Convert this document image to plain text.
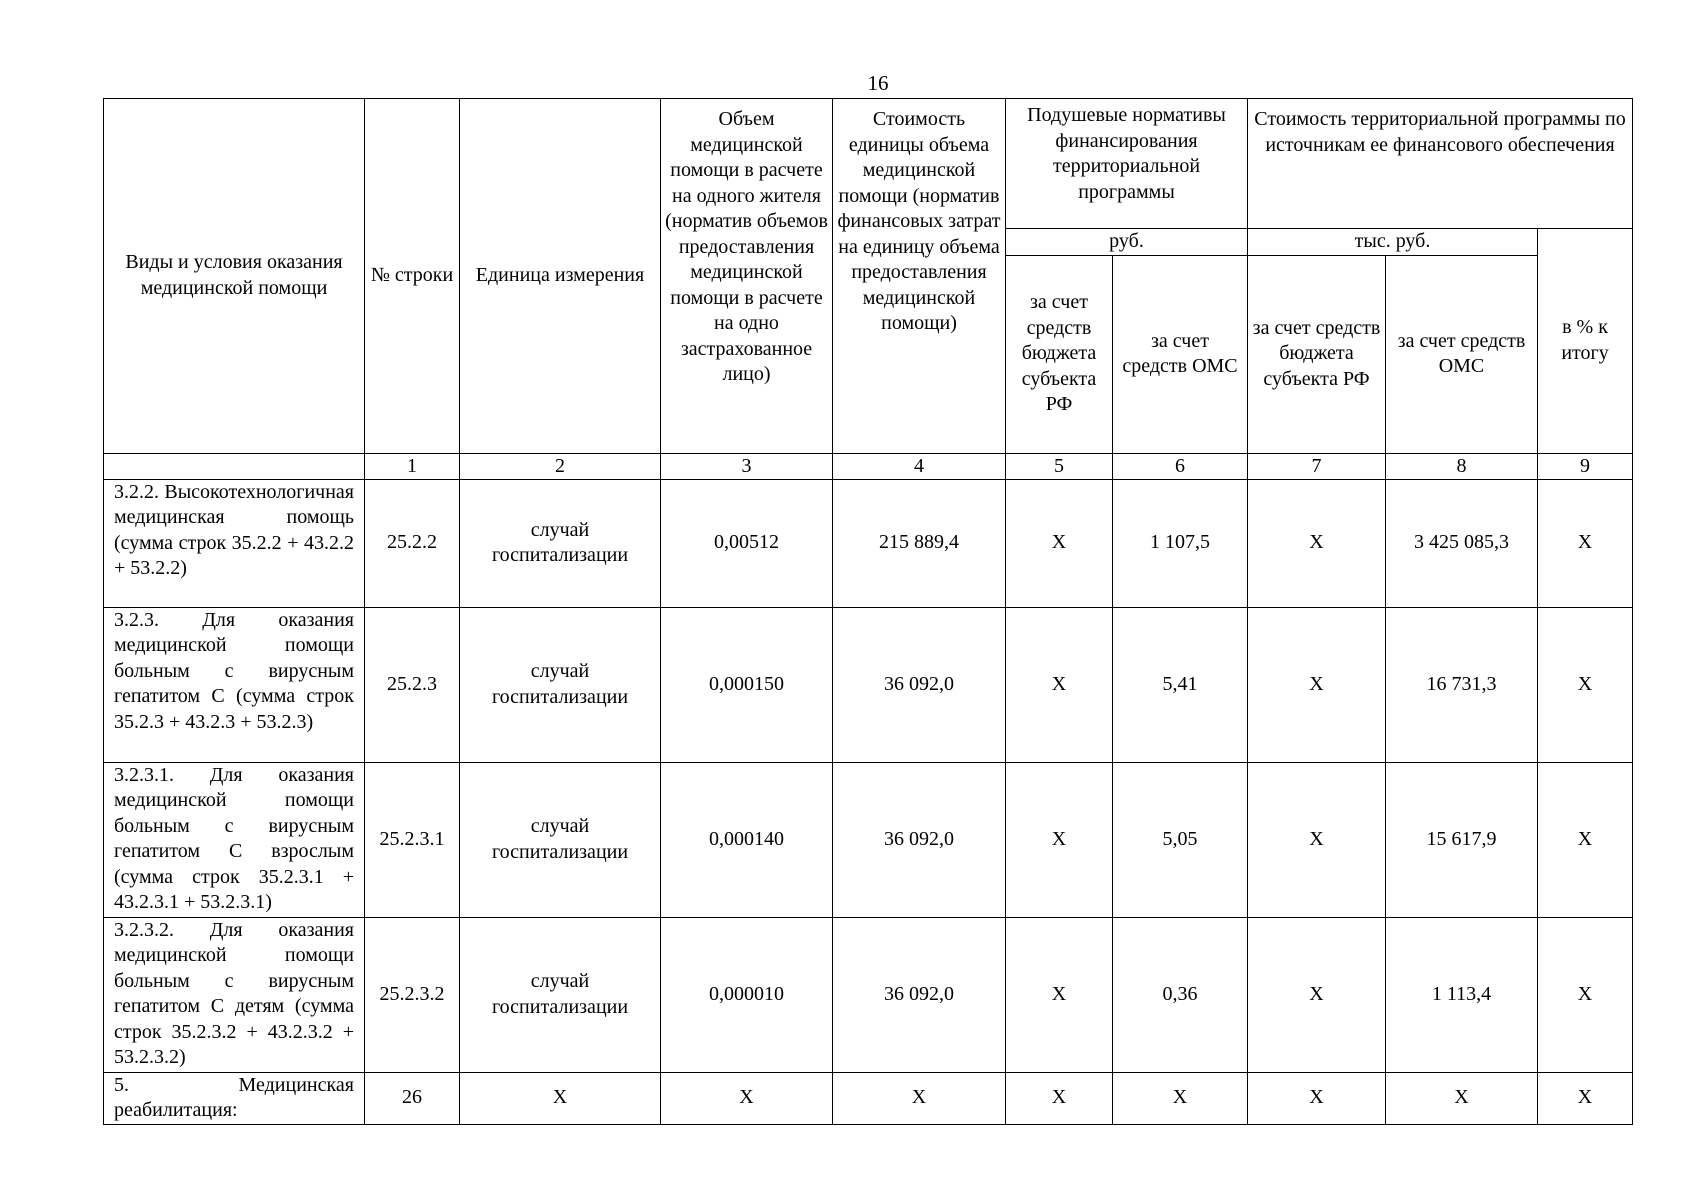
16
Виды и условия оказания медицинской помощи	№ строки	Единица измерения	Объем медицинской помощи в расчете на одного жителя (норматив объемов предоставления медицинской помощи в расчете на одно застрахованное лицо)	Стоимость единицы объема медицинской помощи (норматив финансовых затрат на единицу объема предоставления медицинской помощи)	Подушевые нормативы финансирования территориальной программы		Стоимость территориальной программы по источникам ее финансового обеспечения		
					руб.		тыс. руб.		в % к итогу
					за счет средств бюджета субъекта РФ	за счет средств ОМС	за счет средств бюджета субъекта РФ	за счет средств ОМС	
	1	2	3	4	5	6	7	8	9
3.2.2. Высокотехнологичная медицинская помощь (сумма строк 35.2.2 + 43.2.2 + 53.2.2)	25.2.2	случай госпитализации	0,00512	215 889,4	Х	1 107,5	Х	3 425 085,3	Х
3.2.3. Для оказания медицинской помощи больным с вирусным гепатитом С (сумма строк 35.2.3 + 43.2.3 + 53.2.3)	25.2.3	случай госпитализации	0,000150	36 092,0	Х	5,41	Х	16 731,3	Х
3.2.3.1. Для оказания медицинской помощи больным с вирусным гепатитом С взрослым (сумма строк 35.2.3.1 + 43.2.3.1 + 53.2.3.1)	25.2.3.1	случай госпитализации	0,000140	36 092,0	Х	5,05	Х	15 617,9	Х
3.2.3.2. Для оказания медицинской помощи больным с вирусным гепатитом С детям (сумма строк 35.2.3.2 + 43.2.3.2 + 53.2.3.2)	25.2.3.2	случай госпитализации	0,000010	36 092,0	Х	0,36	Х	1 113,4	Х
5. Медицинская реабилитация:	26	Х	Х	Х	Х	Х	Х	Х	Х
